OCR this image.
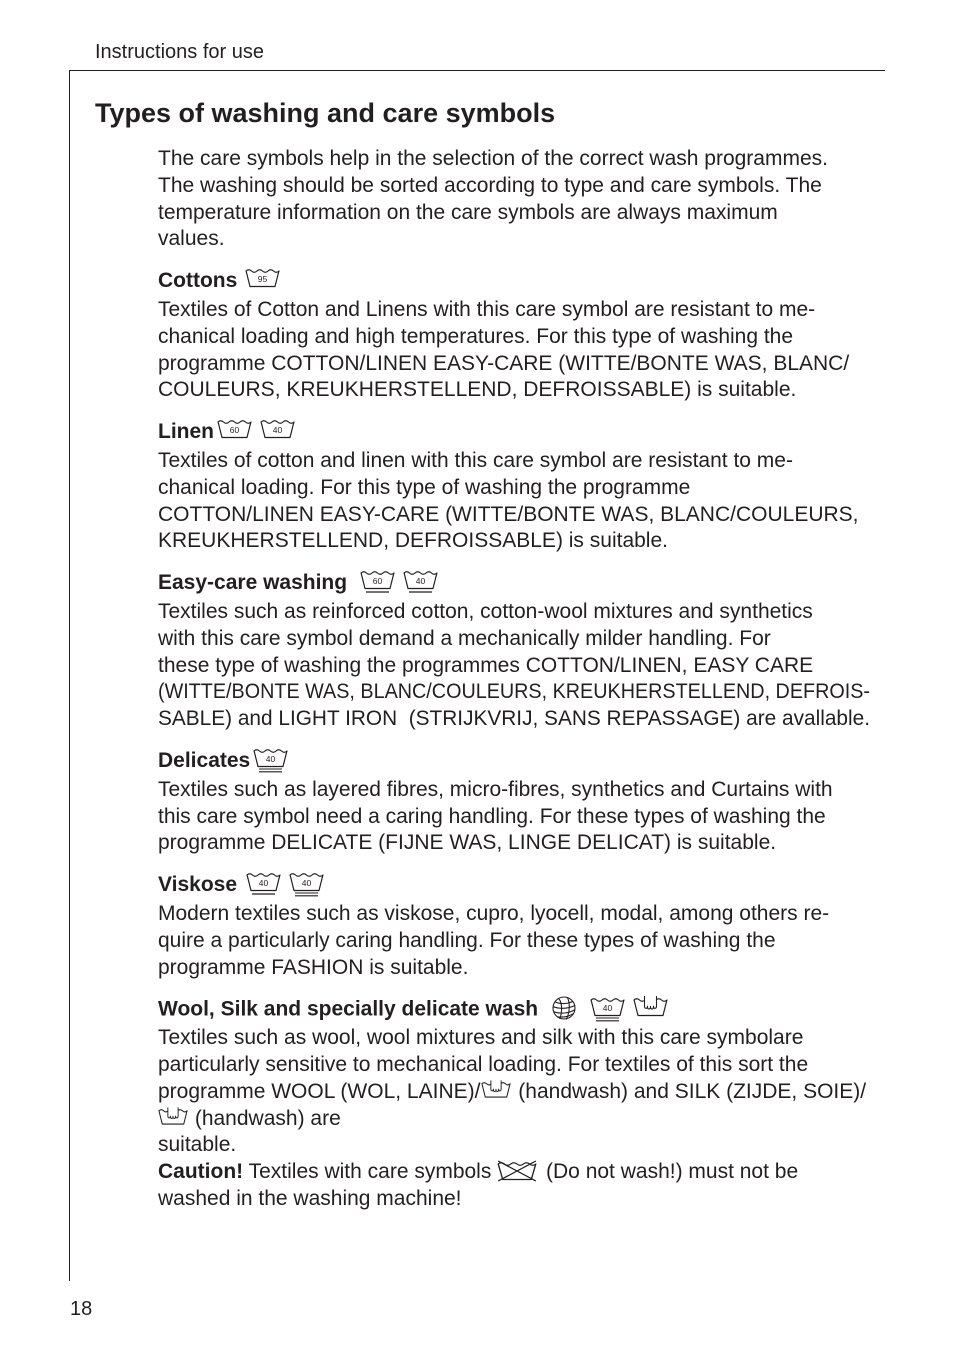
Instructions for use
Types of washing and care symbols
The care symbols help in the selection of the correct wash programmes.
The washing should be sorted according to type and care symbols. The
temperature information on the care symbols are always maximum
values.
Cottons 95
Textiles of Cotton and Linens with this care symbol are resistant to me-
chanical loading and high temperatures. For this type of washing the
programme COTTON/LINEN EASY-CARE (WITTE/BONTE WAS, BLANC/
COULEURS, KREUKHERSTELLEND, DEFROISSABLE) is suitable.
Linen 60	40
Textiles of cotton and linen with this care symbol are resistant to me-
chanical loading. For this type of washing the programme
COTTON/LINEN EASY-CARE (WITTE/BONTE WAS, BLANC/COULEURS,
KREUKHERSTELLEND, DEFROISSABLE) is suitable.
Easy-care washing	60	40
Textiles such as reinforced cotton, cotton-wool mixtures and synthetics
with this care symbol demand a mechanically milder handling. For
these type of washing the programmes COTTON/LINEN, EASY CARE
(WITTE/BONTE WAS, BLANC/COULEURS, KREUKHERSTELLEND, DEFROIS-
SABLE) and LIGHT IRON  (STRIJKVRIJ, SANS REPASSAGE) are avallable.
Delicates 40
Textiles such as layered fibres, micro-fibres, synthetics and Curtains with
this care symbol need a caring handling. For these types of washing the
programme DELICATE (FIJNE WAS, LINGE DELICAT) is suitable.
Viskose	40	40
Modern textiles such as viskose, cupro, lyocell, modal, among others re-
quire a particularly caring handling. For these types of washing the
programme FASHION is suitable.
Wool, Silk and specially delicate wash	40
Textiles such as wool, wool mixtures and silk with this care symbolare
particularly sensitive to mechanical loading. For textiles of this sort the
programme WOOL (WOL, LAINE)/ (handwash) and SILK (ZIJDE, SOIE)/
(handwash) are
suitable.
Caution! Textiles with care symbols  (Do not wash!) must not be
washed in the washing machine!
18
